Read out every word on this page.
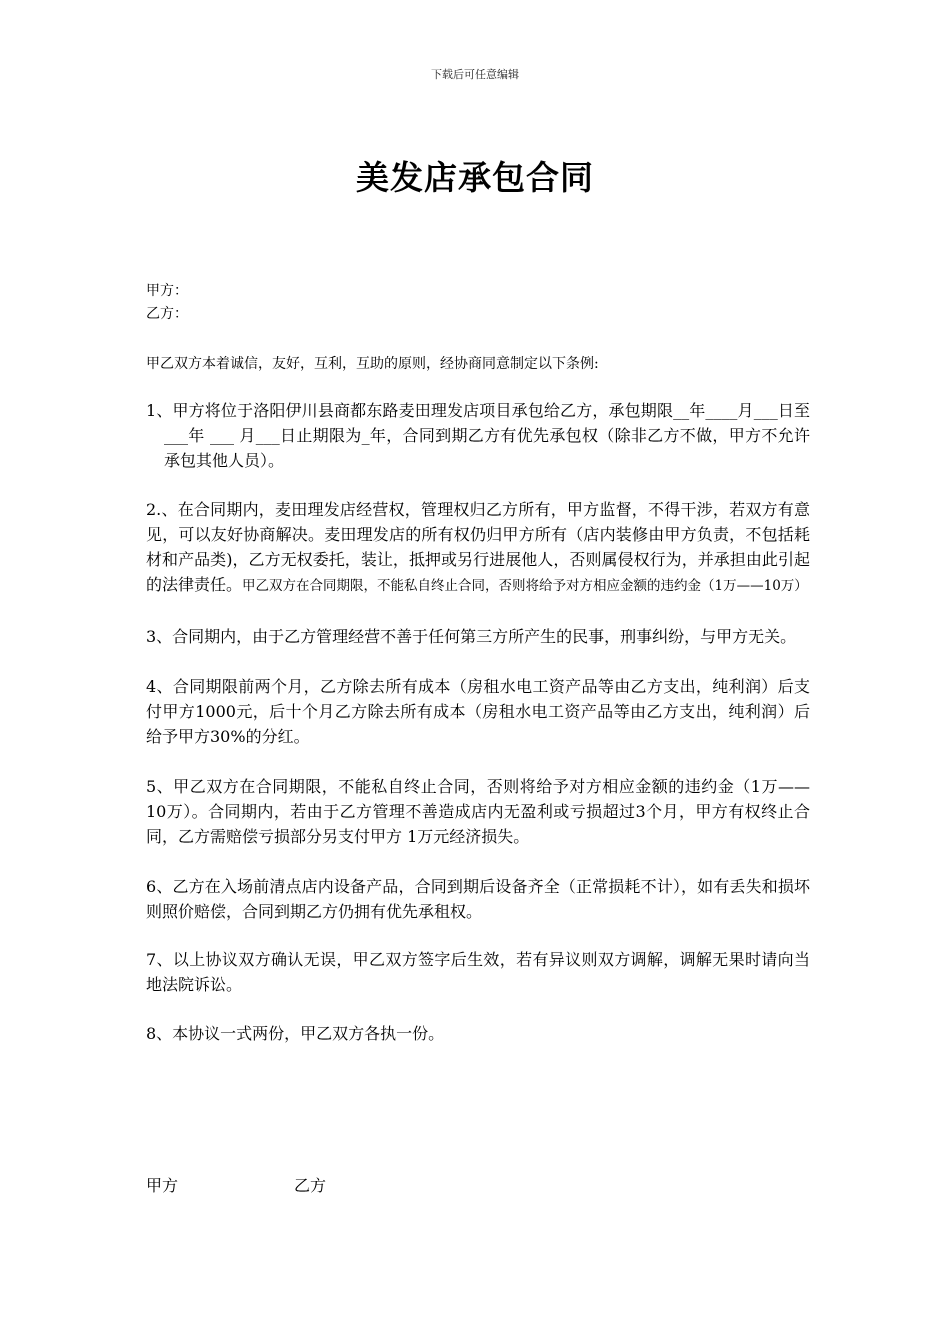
下载后可任意编辑
美发店承包合同

甲方：

乙方：

甲乙双方本着诚信，友好，互利，互助的原则，经协商同意制定以下条例:

1、甲方将位于洛阳伊川县商都东路麦田理发店项目承包给乙方，承包期限__年____月___日至___年 ___ 月___日止期限为_年，合同到期乙方有优先承包权（除非乙方不做，甲方不允许承包其他人员）。

2.、在合同期内，麦田理发店经营权，管理权归乙方所有，甲方监督，不得干涉，若双方有意见，可以友好协商解决。麦田理发店的所有权仍归甲方所有（店内装修由甲方负责，不包括耗材和产品类)，乙方无权委托，装让，抵押或另行进展他人，否则属侵权行为，并承担由此引起的法律责任。甲乙双方在合同期限，不能私自终止合同，否则将给予对方相应金额的违约金（1万——10万）

3、合同期内，由于乙方管理经营不善于任何第三方所产生的民事，刑事纠纷，与甲方无关。

4、合同期限前两个月，乙方除去所有成本（房租水电工资产品等由乙方支出，纯利润）后支付甲方1000元，后十个月乙方除去所有成本（房租水电工资产品等由乙方支出，纯利润）后给予甲方30%的分红。

5、甲乙双方在合同期限，不能私自终止合同，否则将给予对方相应金额的违约金（1万——10万）。合同期内，若由于乙方管理不善造成店内无盈利或亏损超过3个月，甲方有权终止合同，乙方需赔偿亏损部分另支付甲方 1万元经济损失。

6、乙方在入场前清点店内设备产品，合同到期后设备齐全（正常损耗不计），如有丢失和损坏则照价赔偿，合同到期乙方仍拥有优先承租权。

7、以上协议双方确认无误，甲乙双方签字后生效，若有异议则双方调解，调解无果时请向当地法院诉讼。

8、本协议一式两份，甲乙双方各执一份。

甲方	乙方
